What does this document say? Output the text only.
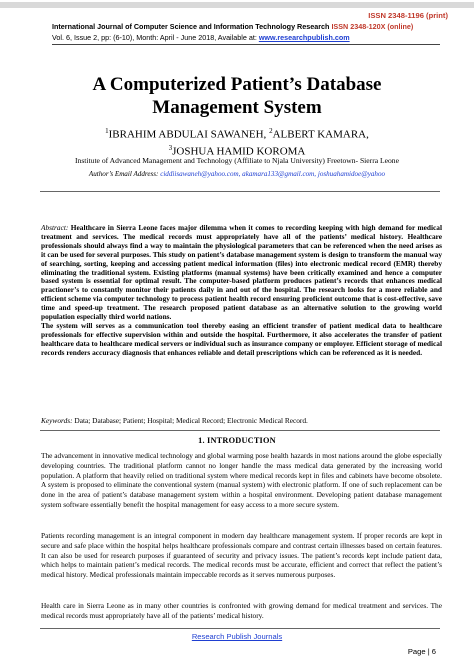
ISSN 2348-1196 (print)
International Journal of Computer Science and Information Technology Research ISSN 2348-120X (online)
Vol. 6, Issue 2, pp: (6-10), Month: April - June 2018, Available at: www.researchpublish.com
A Computerized Patient’s Database
Management System
$^1$IBRAHIM ABDULAI SAWANEH, $^2$ALBERT KAMARA,
$^3$JOSHUA HAMID KOROMA
Institute of Advanced Management and Technology (Affiliate to Njala University) Freetown- Sierra Leone
Author’s Email Address: ciddiisawaneh@yahoo.com, akamara133@gmail.com, joshuahamidoe@yahoo
Abstract: Healthcare in Sierra Leone faces major dilemma when it comes to recording keeping with high demand for medical treatment and services. The medical records must appropriately have all of the patients’ medical history. Healthcare professionals should always find a way to maintain the physiological parameters that can be referenced when the need arises as it can be used for several purposes. This study on patient’s database management system is design to transform the manual way of searching, sorting, keeping and accessing patient medical information (files) into electronic medical record (EMR) thereby eliminating the traditional system. Existing platforms (manual systems) have been critically examined and hence a computer based system is essential for optimal result. The computer-based platform produces patient’s records that enhances medical practioner’s to constantly monitor their patients daily in and out of the hospital. The research looks for a more reliable and efficient scheme via computer technology to process patient health record ensuring proficient outcome that is cost-effective, save time and speed-up treatment. The research proposed patient database as an alternative solution to the growing world population especially third world nations.
The system will serves as a communication tool thereby easing an efficient transfer of patient medical data to healthcare professionals for effective supervision within and outside the hospital. Furthermore, it also accelerates the transfer of patient healthcare data to healthcare medical servers or individual such as insurance company or employer. Efficient storage of medical records renders accuracy diagnosis that enhances reliable and detail prescriptions which can be referenced as it is needed.
Keywords: Data; Database; Patient; Hospital; Medical Record; Electronic Medical Record.
1. INTRODUCTION
The advancement in innovative medical technology and global warming pose health hazards in most nations around the globe especially developing countries. The traditional platform cannot no longer handle the mass medical data generated by the increasing world population. A platform that heavily relied on traditional system where medical records kept in files and cabinets have become obsolete. A system is proposed to eliminate the conventional system (manual system) with electronic platform. If one of such replacement can be done in the area of patient’s database management system within a hospital environment. Developing patient database management system software essentially benefit the hospital management for easy access to a more secure system.
Patients recording management is an integral component in modern day healthcare management system. If proper records are kept in secure and safe place within the hospital helps healthcare professionals compare and contrast certain illnesses based on certain features. It can also be used for research purposes if guaranteed of security and privacy issues. The patient’s records kept include patient data, which helps to maintain patient’s medical records. The medical records must be accurate, efficient and correct that reflect the patient’s medical history. Medical professionals maintain impeccable records as it serves numerous purposes.
Health care in Sierra Leone as in many other countries is confronted with growing demand for medical treatment and services. The medical records must appropriately have all of the patients’ medical history.
Research Publish Journals
Page | 6
